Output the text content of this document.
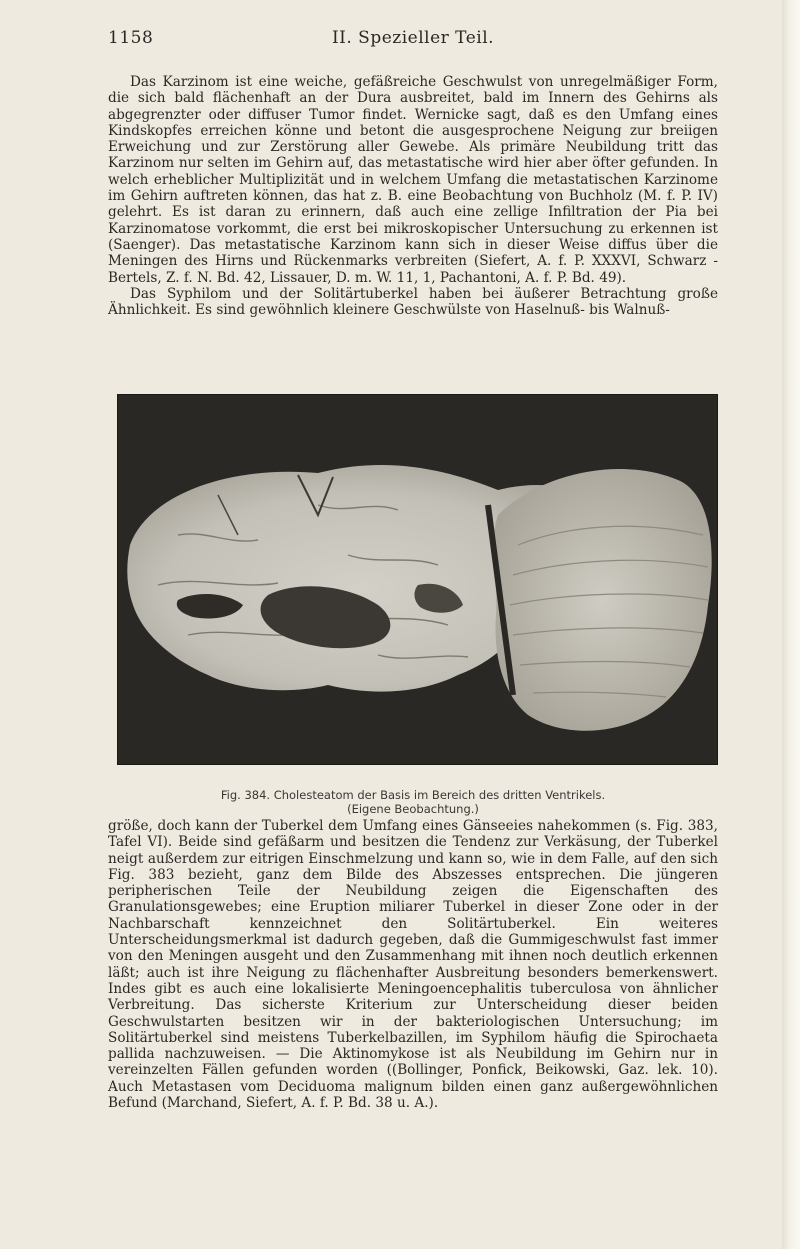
1158	II. Spezieller Teil.

Das Karzinom ist eine weiche, gefäßreiche Geschwulst von unregelmäßiger Form, die sich bald flächenhaft an der Dura ausbreitet, bald im Innern des Gehirns als abgegrenzter oder diffuser Tumor findet. Wernicke sagt, daß es den Umfang eines Kindskopfes erreichen könne und betont die ausgesprochene Neigung zur breiigen Erweichung und zur Zerstörung aller Gewebe. Als primäre Neubildung tritt das Karzinom nur selten im Gehirn auf, das metastatische wird hier aber öfter gefunden. In welch erheblicher Multiplizität und in welchem Umfang die metastatischen Karzinome im Gehirn auftreten können, das hat z. B. eine Beobachtung von Buchholz (M. f. P. IV) gelehrt. Es ist daran zu erinnern, daß auch eine zellige Infiltration der Pia bei Karzinomatose vorkommt, die erst bei mikroskopischer Untersuchung zu erkennen ist (Saenger). Das metastatische Karzinom kann sich in dieser Weise diffus über die Meningen des Hirns und Rückenmarks verbreiten (Siefert, A. f. P. XXXVI, Schwarz - Bertels, Z. f. N. Bd. 42, Lissauer, D. m. W. 11, 1, Pachantoni, A. f. P. Bd. 49).

Das Syphilom und der Solitärtuberkel haben bei äußerer Betrachtung große Ähnlichkeit. Es sind gewöhnlich kleinere Geschwülste von Haselnuß- bis Walnuß-

Fig. 384. Cholesteatom der Basis im Bereich des dritten Ventrikels.
(Eigene Beobachtung.)

größe, doch kann der Tuberkel dem Umfang eines Gänseeies nahekommen (s. Fig. 383, Tafel VI). Beide sind gefäßarm und besitzen die Tendenz zur Verkäsung, der Tuberkel neigt außerdem zur eitrigen Einschmelzung und kann so, wie in dem Falle, auf den sich Fig. 383 bezieht, ganz dem Bilde des Abszesses entsprechen. Die jüngeren peripherischen Teile der Neubildung zeigen die Eigenschaften des Granulationsgewebes; eine Eruption miliarer Tuberkel in dieser Zone oder in der Nachbarschaft kennzeichnet den Solitärtuberkel. Ein weiteres Unterscheidungsmerkmal ist dadurch gegeben, daß die Gummigeschwulst fast immer von den Meningen ausgeht und den Zusammenhang mit ihnen noch deutlich erkennen läßt; auch ist ihre Neigung zu flächenhafter Ausbreitung besonders bemerkenswert. Indes gibt es auch eine lokalisierte Meningoencephalitis tuberculosa von ähnlicher Verbreitung. Das sicherste Kriterium zur Unterscheidung dieser beiden Geschwulstarten besitzen wir in der bakteriologischen Untersuchung; im Solitärtuberkel sind meistens Tuberkelbazillen, im Syphilom häufig die Spirochaeta pallida nachzuweisen. — Die Aktinomykose ist als Neubildung im Gehirn nur in vereinzelten Fällen gefunden worden ((Bollinger, Ponfick, Beikowski, Gaz. lek. 10). Auch Metastasen vom Deciduoma malignum bilden einen ganz außergewöhnlichen Befund (Marchand, Siefert, A. f. P. Bd. 38 u. A.).
